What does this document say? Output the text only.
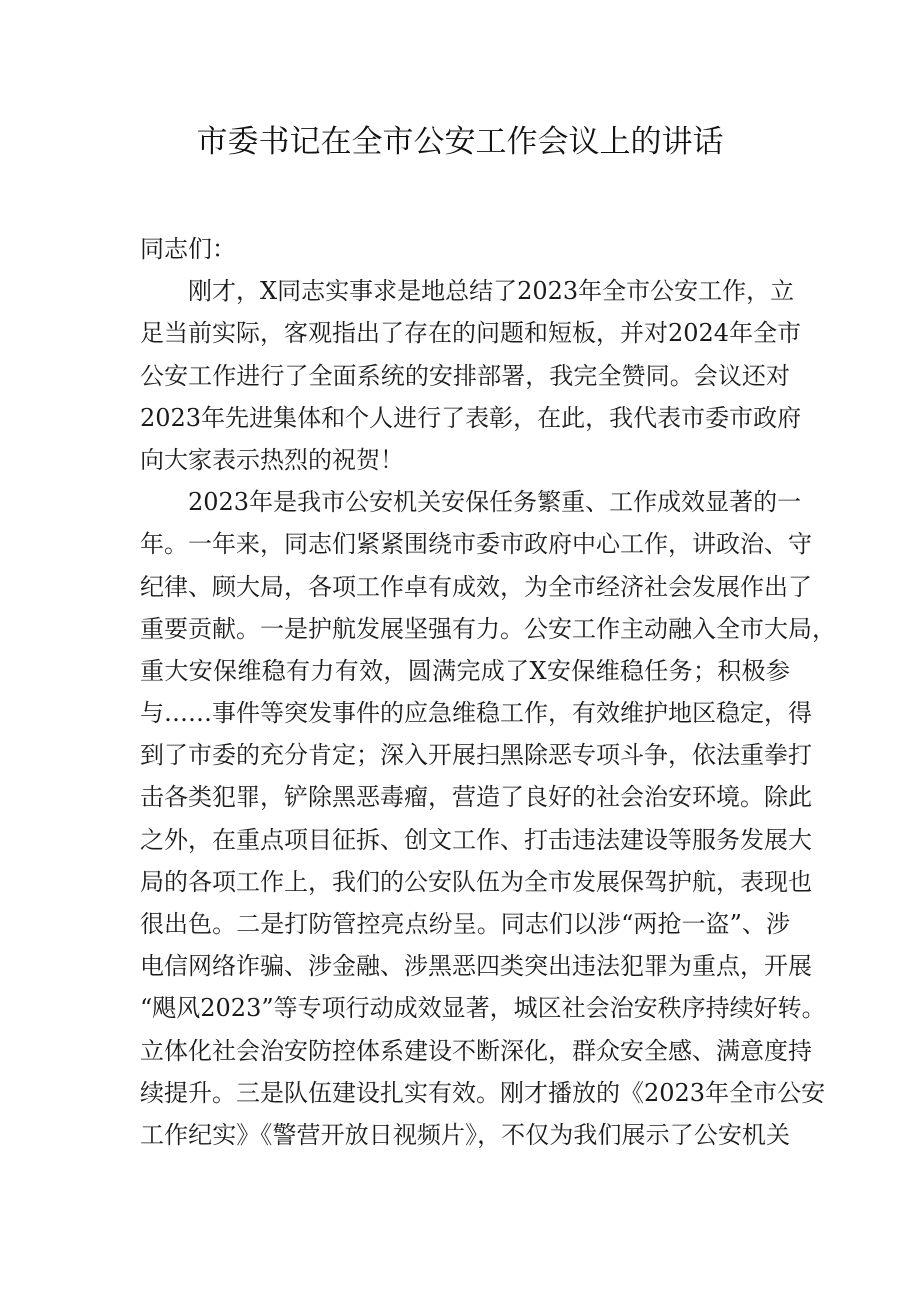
市委书记在全市公安工作会议上的讲话
同志们：
刚才，X同志实事求是地总结了2023年全市公安工作，立
足当前实际，客观指出了存在的问题和短板，并对2024年全市
公安工作进行了全面系统的安排部署，我完全赞同。会议还对
2023年先进集体和个人进行了表彰，在此，我代表市委市政府
向大家表示热烈的祝贺！
2023年是我市公安机关安保任务繁重、工作成效显著的一
年。一年来，同志们紧紧围绕市委市政府中心工作，讲政治、守
纪律、顾大局，各项工作卓有成效，为全市经济社会发展作出了
重要贡献。一是护航发展坚强有力。公安工作主动融入全市大局，
重大安保维稳有力有效，圆满完成了X安保维稳任务；积极参
与……事件等突发事件的应急维稳工作，有效维护地区稳定，得
到了市委的充分肯定；深入开展扫黑除恶专项斗争，依法重拳打
击各类犯罪，铲除黑恶毒瘤，营造了良好的社会治安环境。除此
之外，在重点项目征拆、创文工作、打击违法建设等服务发展大
局的各项工作上，我们的公安队伍为全市发展保驾护航，表现也
很出色。二是打防管控亮点纷呈。同志们以涉“两抢一盗”、涉
电信网络诈骗、涉金融、涉黑恶四类突出违法犯罪为重点，开展
“飓风2023”等专项行动成效显著，城区社会治安秩序持续好转。
立体化社会治安防控体系建设不断深化，群众安全感、满意度持
续提升。三是队伍建设扎实有效。刚才播放的《2023年全市公安
工作纪实》《警营开放日视频片》，不仅为我们展示了公安机关
